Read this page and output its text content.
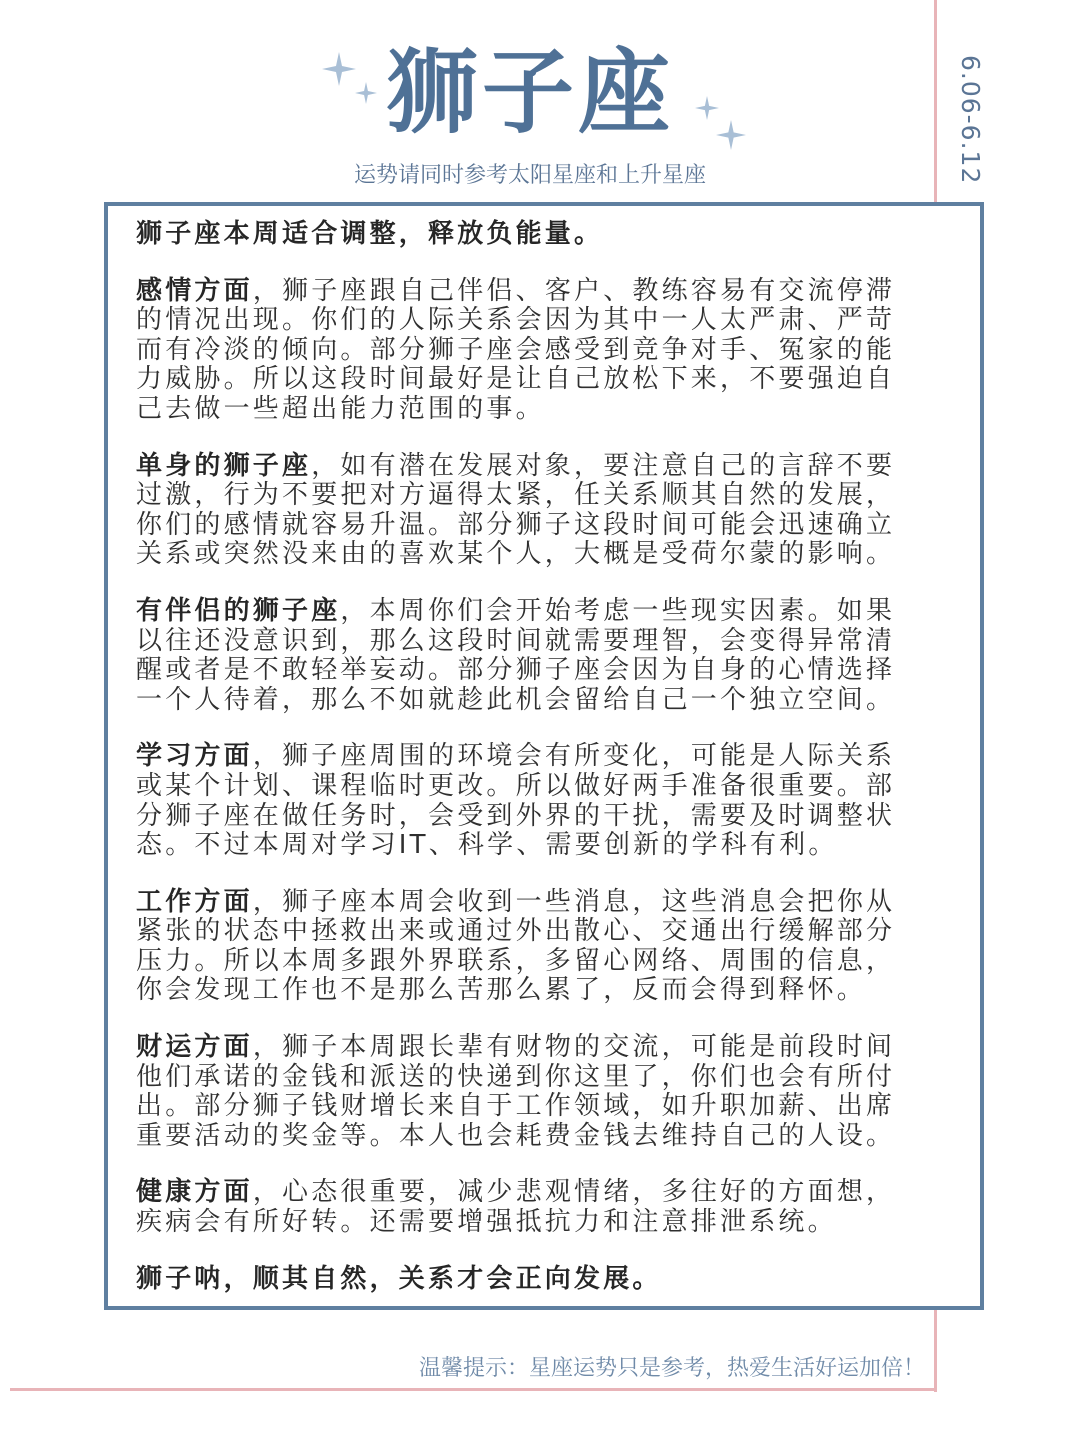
6.06-6.12
狮子座
运势请同时参考太阳星座和上升星座

狮子座本周适合调整，释放负能量。

感情方面，狮子座跟自己伴侣、客户、教练容易有交流停滞的情况出现。你们的人际关系会因为其中一人太严肃、严苛而有冷淡的倾向。部分狮子座会感受到竞争对手、冤家的能力威胁。所以这段时间最好是让自己放松下来，不要强迫自己去做一些超出能力范围的事。

单身的狮子座，如有潜在发展对象，要注意自己的言辞不要过激，行为不要把对方逼得太紧，任关系顺其自然的发展，你们的感情就容易升温。部分狮子这段时间可能会迅速确立关系或突然没来由的喜欢某个人，大概是受荷尔蒙的影响。

有伴侣的狮子座，本周你们会开始考虑一些现实因素。如果以往还没意识到，那么这段时间就需要理智，会变得异常清醒或者是不敢轻举妄动。部分狮子座会因为自身的心情选择一个人待着，那么不如就趁此机会留给自己一个独立空间。

学习方面，狮子座周围的环境会有所变化，可能是人际关系或某个计划、课程临时更改。所以做好两手准备很重要。部分狮子座在做任务时，会受到外界的干扰，需要及时调整状态。不过本周对学习IT、科学、需要创新的学科有利。

工作方面，狮子座本周会收到一些消息，这些消息会把你从紧张的状态中拯救出来或通过外出散心、交通出行缓解部分压力。所以本周多跟外界联系，多留心网络、周围的信息，你会发现工作也不是那么苦那么累了，反而会得到释怀。

财运方面，狮子本周跟长辈有财物的交流，可能是前段时间他们承诺的金钱和派送的快递到你这里了，你们也会有所付出。部分狮子钱财增长来自于工作领域，如升职加薪、出席重要活动的奖金等。本人也会耗费金钱去维持自己的人设。

健康方面，心态很重要，减少悲观情绪，多往好的方面想，疾病会有所好转。还需要增强抵抗力和注意排泄系统。

狮子呐，顺其自然，关系才会正向发展。

温馨提示：星座运势只是参考，热爱生活好运加倍！
